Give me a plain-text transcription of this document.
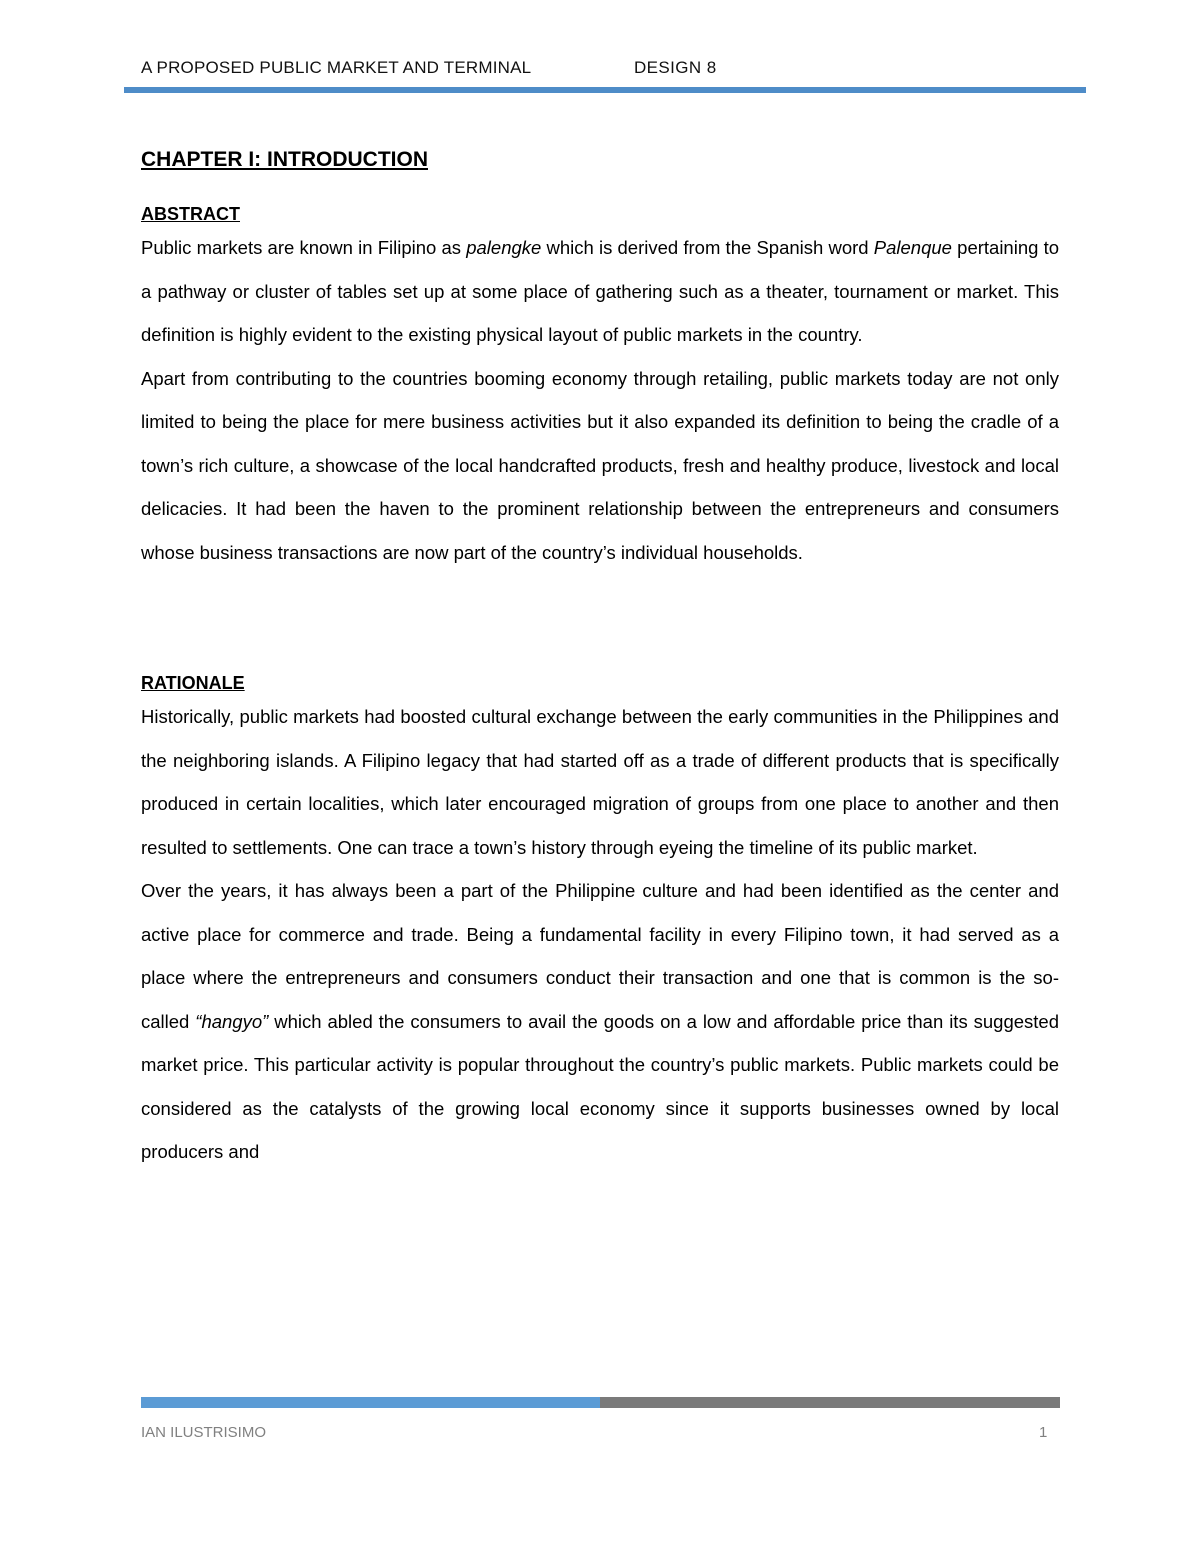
A PROPOSED PUBLIC MARKET AND TERMINAL	DESIGN 8
CHAPTER I: INTRODUCTION
ABSTRACT

Public markets are known in Filipino as palengke which is derived from the Spanish word Palenque pertaining to a pathway or cluster of tables set up at some place of gathering such as a theater, tournament or market. This definition is highly evident to the existing physical layout of public markets in the country.

Apart from contributing to the countries booming economy through retailing, public markets today are not only limited to being the place for mere business activities but it also expanded its definition to being the cradle of a town’s rich culture, a showcase of the local handcrafted products, fresh and healthy produce, livestock and local delicacies. It had been the haven to the prominent relationship between the entrepreneurs and consumers whose business transactions are now part of the country’s individual households.

RATIONALE

Historically, public markets had boosted cultural exchange between the early communities in the Philippines and the neighboring islands. A Filipino legacy that had started off as a trade of different products that is specifically produced in certain localities, which later encouraged migration of groups from one place to another and then resulted to settlements. One can trace a town’s history through eyeing the timeline of its public market.

Over the years, it has always been a part of the Philippine culture and had been identified as the center and active place for commerce and trade. Being a fundamental facility in every Filipino town, it had served as a place where the entrepreneurs and consumers conduct their transaction and one that is common is the so-called “hangyo” which abled the consumers to avail the goods on a low and affordable price than its suggested market price. This particular activity is popular throughout the country’s public markets. Public markets could be considered as the catalysts of the growing local economy since it supports businesses owned by local producers and

IAN ILUSTRISIMO	1
